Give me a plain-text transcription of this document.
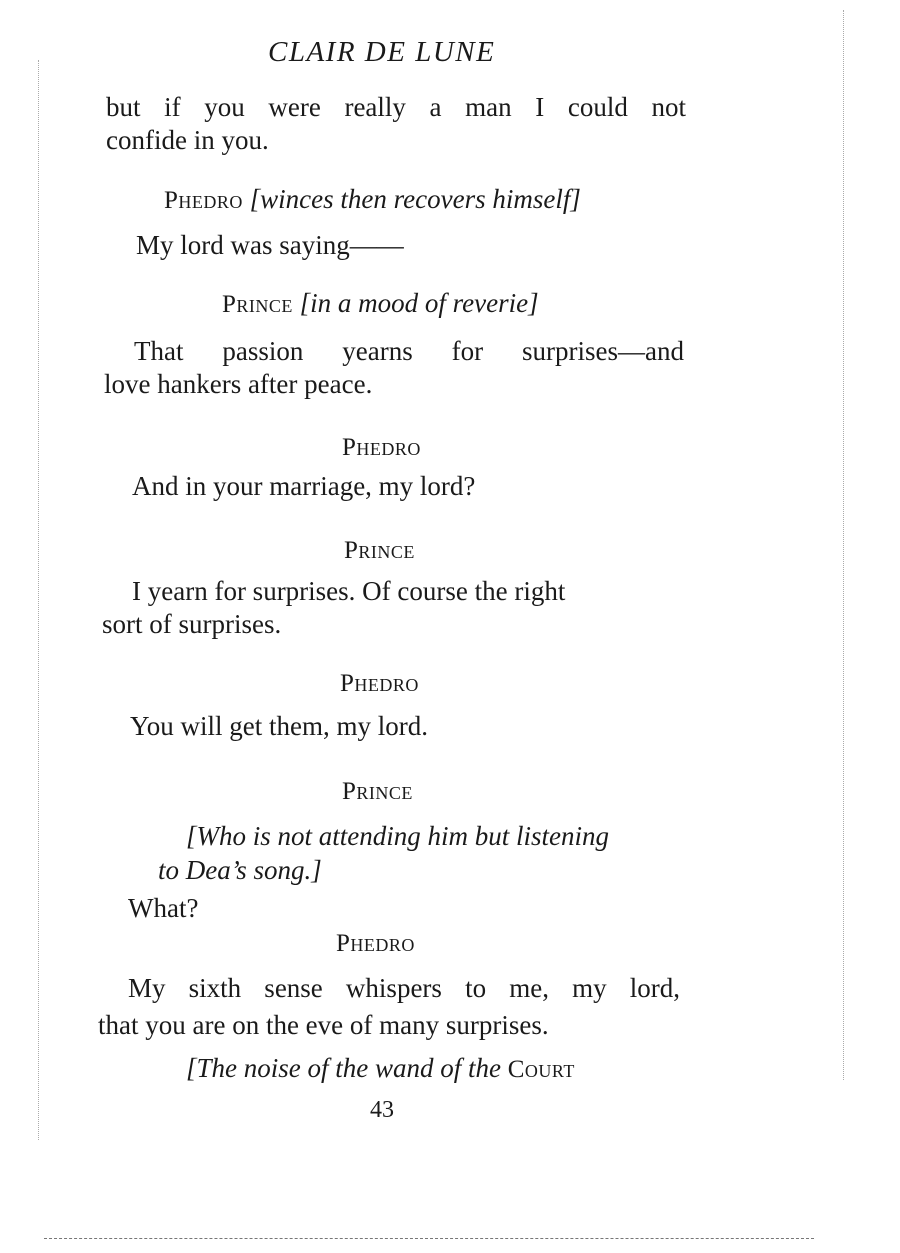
CLAIR DE LUNE
but if you were really a man I could not
confide in you.
Phedro [winces then recovers himself]
My lord was saying——
Prince [in a mood of reverie]
That passion yearns for surprises—and
love hankers after peace.
Phedro
And in your marriage, my lord?
Prince
I yearn for surprises. Of course the right
sort of surprises.
Phedro
You will get them, my lord.
Prince
[Who is not attending him but listening
to Dea’s song.]
What?
Phedro
My sixth sense whispers to me, my lord,
that you are on the eve of many surprises.
[The noise of the wand of the Court
43
